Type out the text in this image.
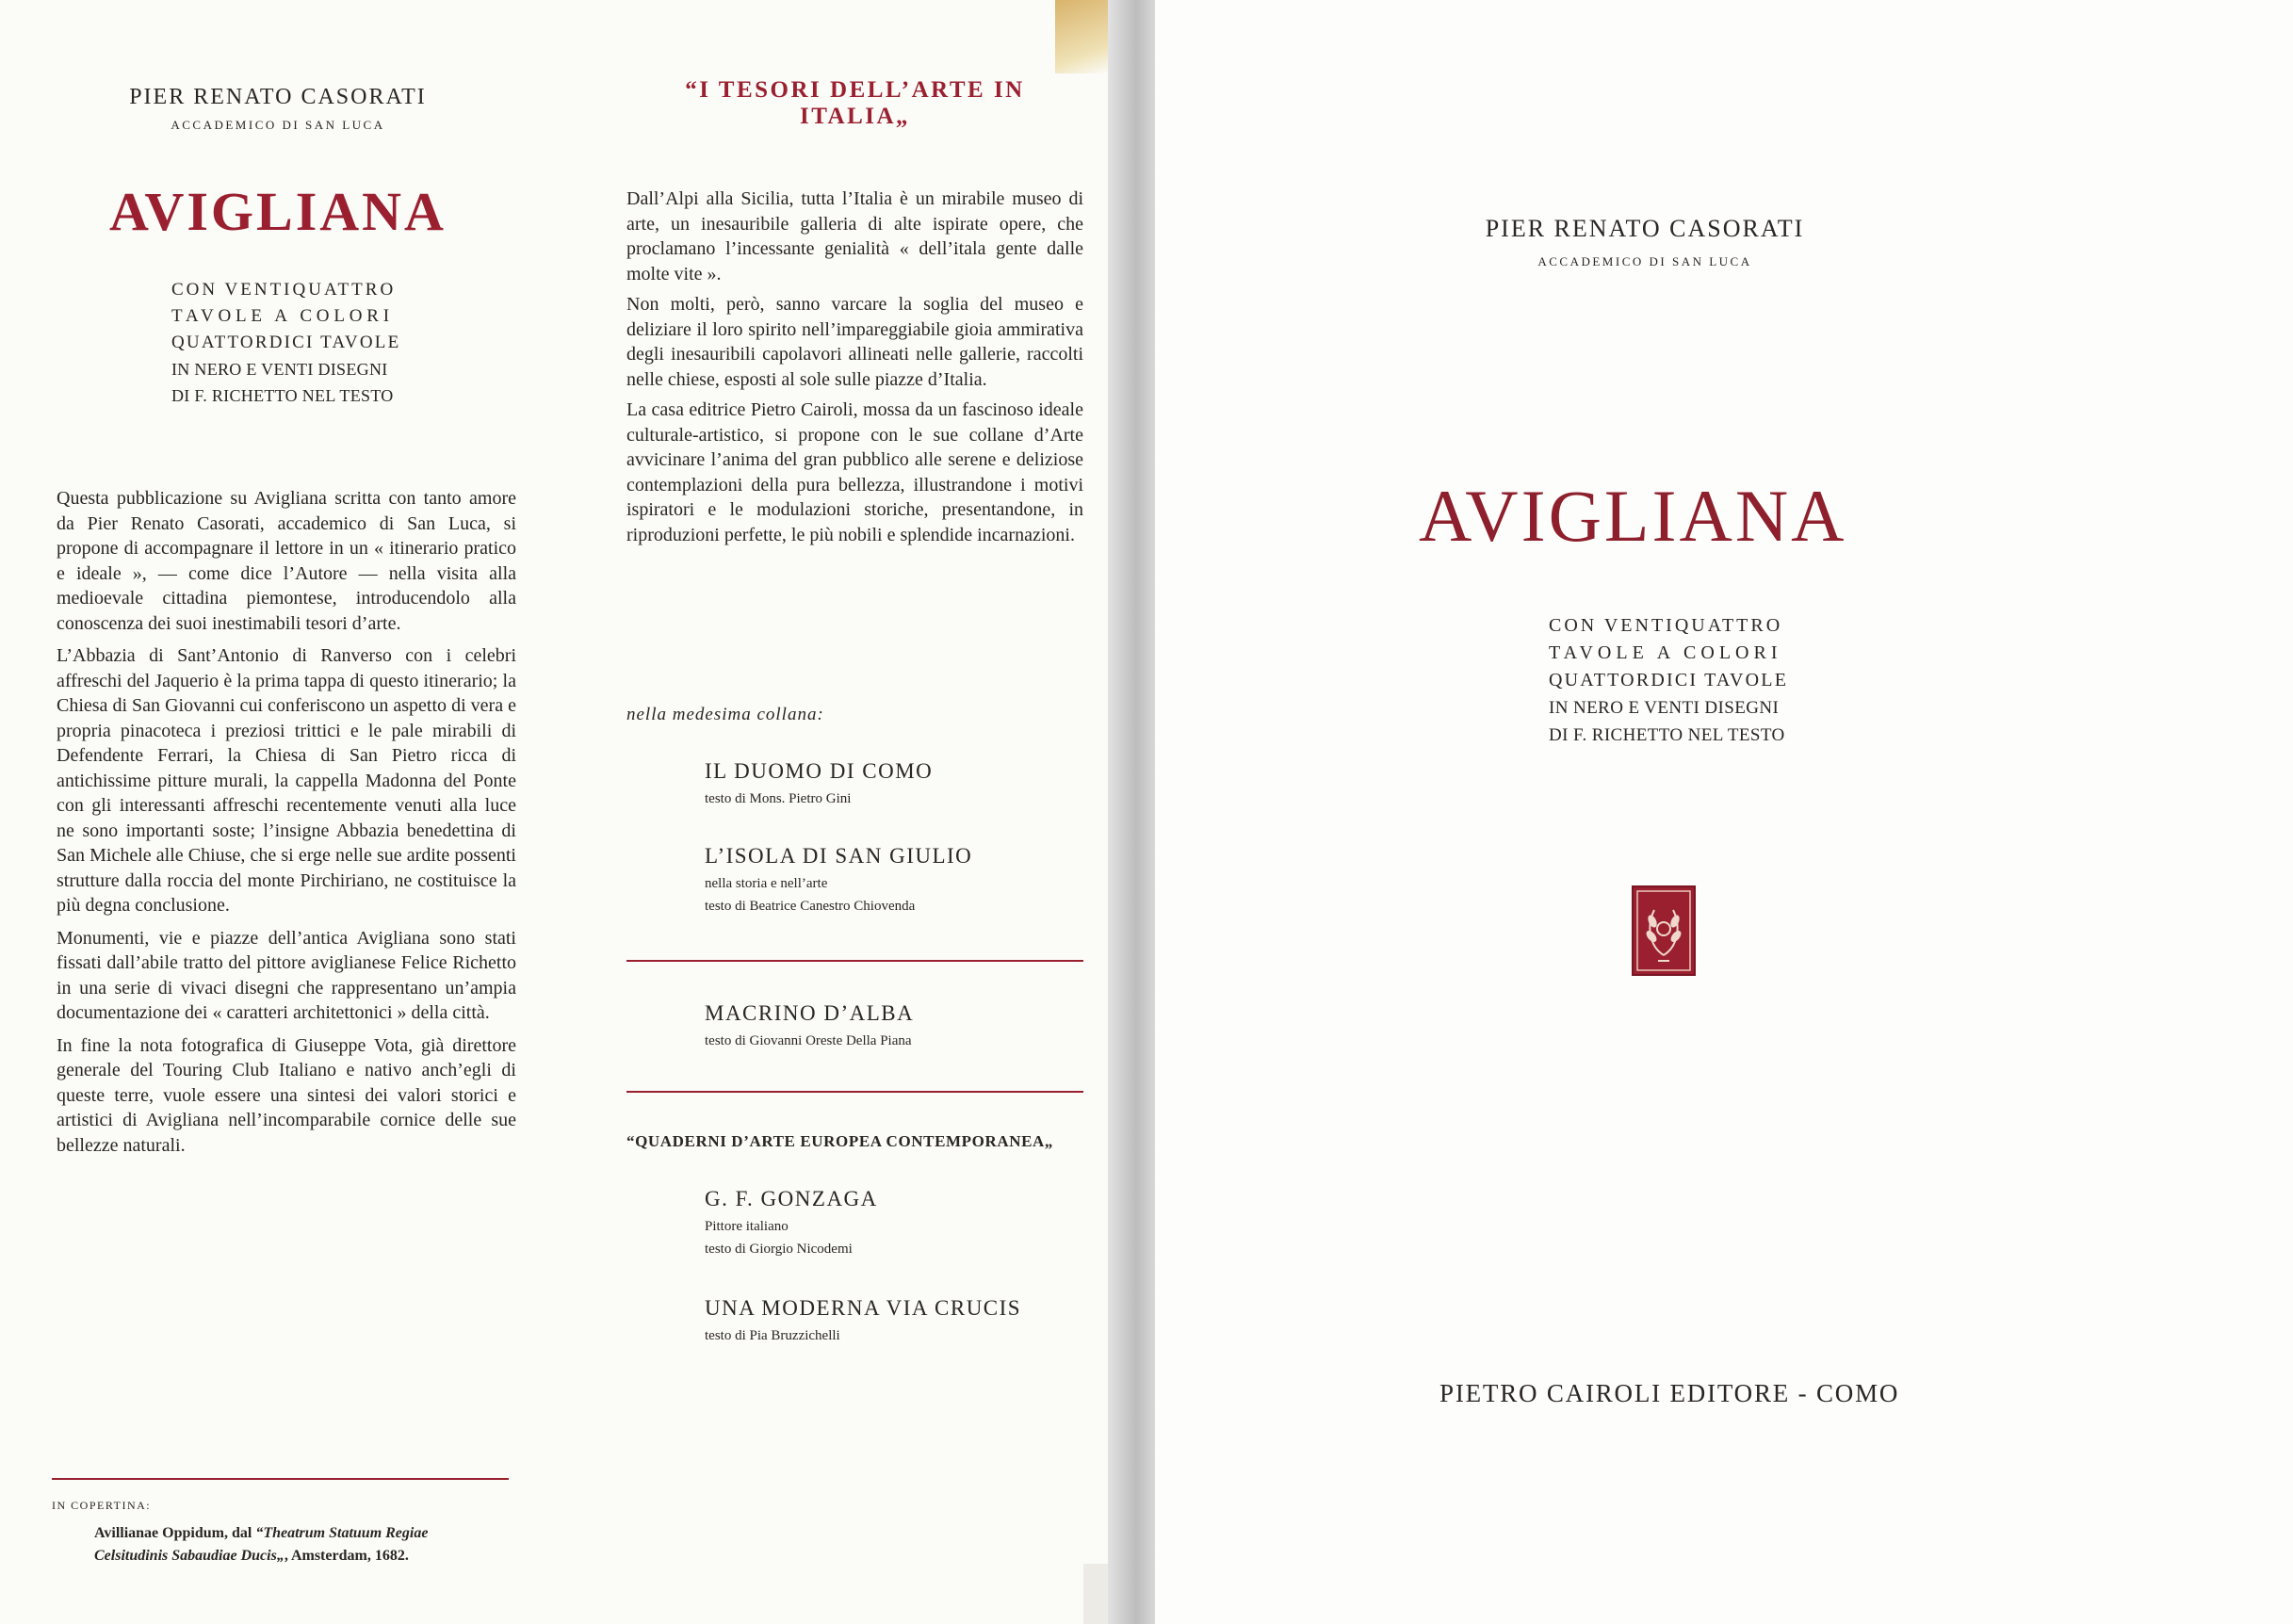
PIER RENATO CASORATI
ACCADEMICO DI SAN LUCA
AVIGLIANA
CON VENTIQUATTRO
TAVOLE A COLORI
QUATTORDICI TAVOLE
IN NERO E VENTI DISEGNI
DI F. RICHETTO NEL TESTO

Questa pubblicazione su Avigliana scritta con tanto amore da Pier Renato Casorati, accademico di San Luca, si propone di accompagnare il lettore in un « itinerario pratico e ideale », — come dice l’Autore — nella visita alla medioevale cittadina piemontese, introducendolo alla conoscenza dei suoi inestimabili tesori d’arte.

L’Abbazia di Sant’Antonio di Ranverso con i celebri affreschi del Jaquerio è la prima tappa di questo itinerario; la Chiesa di San Giovanni cui conferiscono un aspetto di vera e propria pinacoteca i preziosi trittici e le pale mirabili di Defendente Ferrari, la Chiesa di San Pietro ricca di antichissime pitture murali, la cappella Madonna del Ponte con gli interessanti affreschi recentemente venuti alla luce ne sono importanti soste; l’insigne Abbazia benedettina di San Michele alle Chiuse, che si erge nelle sue ardite possenti strutture dalla roccia del monte Pirchiriano, ne costituisce la più degna conclusione.

Monumenti, vie e piazze dell’antica Avigliana sono stati fissati dall’abile tratto del pittore aviglianese Felice Richetto in una serie di vivaci disegni che rappresentano un’ampia documentazione dei « caratteri architettonici » della città.

In fine la nota fotografica di Giuseppe Vota, già direttore generale del Touring Club Italiano e nativo anch’egli di queste terre, vuole essere una sintesi dei valori storici e artistici di Avigliana nell’incomparabile cornice delle sue bellezze naturali.

IN COPERTINA:
Avillianae Oppidum, dal “Theatrum Statuum Regiae
Celsitudinis Sabaudiae Ducis„, Amsterdam, 1682.
“I TESORI DELL’ARTE IN ITALIA„

Dall’Alpi alla Sicilia, tutta l’Italia è un mirabile museo di arte, un inesauribile galleria di alte ispirate opere, che proclamano l’incessante genialità « dell’itala gente dalle molte vite ».

Non molti, però, sanno varcare la soglia del museo e deliziare il loro spirito nell’impareggiabile gioia ammirativa degli inesauribili capolavori allineati nelle gallerie, raccolti nelle chiese, esposti al sole sulle piazze d’Italia.

La casa editrice Pietro Cairoli, mossa da un fascinoso ideale culturale-artistico, si propone con le sue collane d’Arte avvicinare l’anima del gran pubblico alle serene e deliziose contemplazioni della pura bellezza, illustrandone i motivi ispiratori e le modulazioni storiche, presentandone, in riproduzioni perfette, le più nobili e splendide incarnazioni.

nella medesima collana:
IL DUOMO DI COMO
testo di Mons. Pietro Gini
L’ISOLA DI SAN GIULIO
nella storia e nell’arte
testo di Beatrice Canestro Chiovenda
MACRINO D’ALBA
testo di Giovanni Oreste Della Piana
“QUADERNI D’ARTE EUROPEA CONTEMPORANEA„
G. F. GONZAGA
Pittore italiano
testo di Giorgio Nicodemi
UNA MODERNA VIA CRUCIS
testo di Pia Bruzzichelli
PIER RENATO CASORATI
ACCADEMICO DI SAN LUCA
AVIGLIANA
CON VENTIQUATTRO
TAVOLE A COLORI
QUATTORDICI TAVOLE
IN NERO E VENTI DISEGNI
DI F. RICHETTO NEL TESTO
PIETRO CAIROLI EDITORE - COMO
